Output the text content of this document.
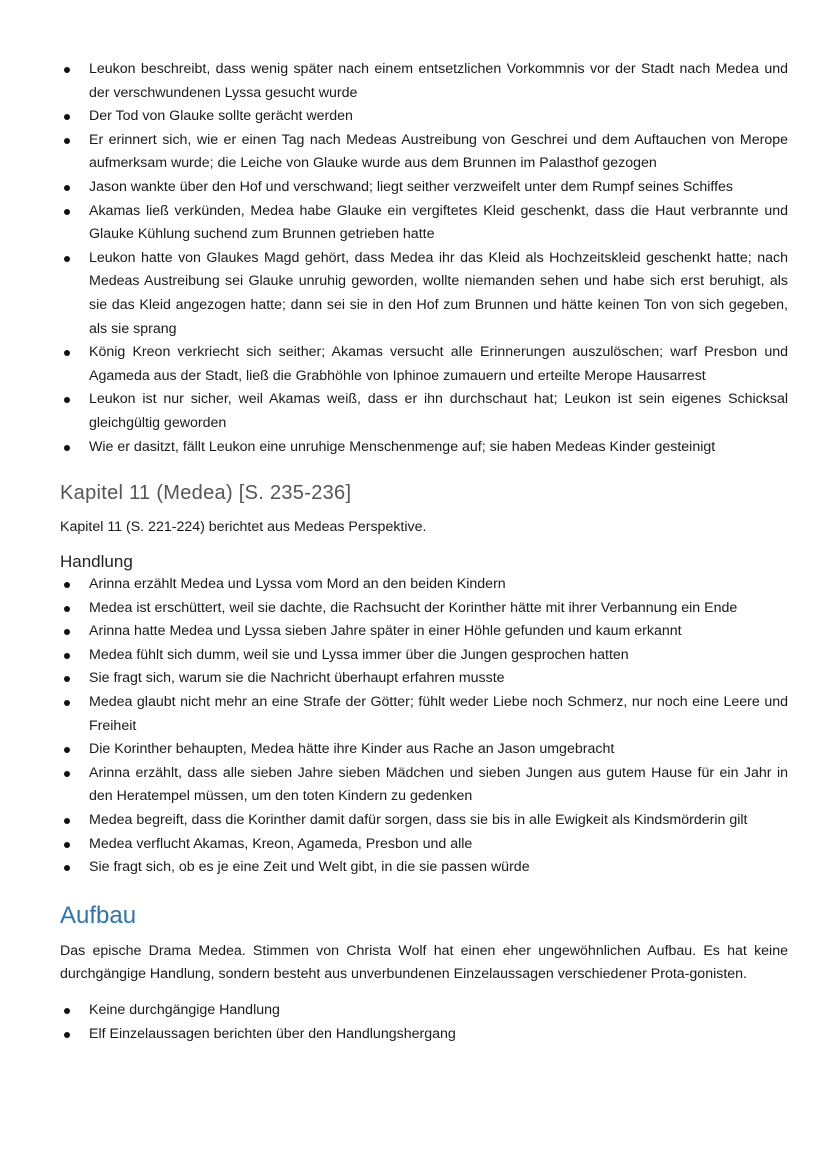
Leukon beschreibt, dass wenig später nach einem entsetzlichen Vorkommnis vor der Stadt nach Medea und der verschwundenen Lyssa gesucht wurde
Der Tod von Glauke sollte gerächt werden
Er erinnert sich, wie er einen Tag nach Medeas Austreibung von Geschrei und dem Auftauchen von Merope aufmerksam wurde; die Leiche von Glauke wurde aus dem Brunnen im Palasthof gezogen
Jason wankte über den Hof und verschwand; liegt seither verzweifelt unter dem Rumpf seines Schiffes
Akamas ließ verkünden, Medea habe Glauke ein vergiftetes Kleid geschenkt, dass die Haut verbrannte und Glauke Kühlung suchend zum Brunnen getrieben hatte
Leukon hatte von Glaukes Magd gehört, dass Medea ihr das Kleid als Hochzeitskleid geschenkt hatte; nach Medeas Austreibung sei Glauke unruhig geworden, wollte niemanden sehen und habe sich erst beruhigt, als sie das Kleid angezogen hatte; dann sei sie in den Hof zum Brunnen und hätte keinen Ton von sich gegeben, als sie sprang
König Kreon verkriecht sich seither; Akamas versucht alle Erinnerungen auszulöschen; warf Presbon und Agameda aus der Stadt, ließ die Grabhöhle von Iphinoe zumauern und erteilte Merope Hausarrest
Leukon ist nur sicher, weil Akamas weiß, dass er ihn durchschaut hat; Leukon ist sein eigenes Schicksal gleichgültig geworden
Wie er dasitzt, fällt Leukon eine unruhige Menschenmenge auf; sie haben Medeas Kinder gesteinigt
Kapitel 11 (Medea) [S. 235-236]

Kapitel 11 (S. 221-224) berichtet aus Medeas Perspektive.

Handlung
Arinna erzählt Medea und Lyssa vom Mord an den beiden Kindern
Medea ist erschüttert, weil sie dachte, die Rachsucht der Korinther hätte mit ihrer Verbannung ein Ende
Arinna hatte Medea und Lyssa sieben Jahre später in einer Höhle gefunden und kaum erkannt
Medea fühlt sich dumm, weil sie und Lyssa immer über die Jungen gesprochen hatten
Sie fragt sich, warum sie die Nachricht überhaupt erfahren musste
Medea glaubt nicht mehr an eine Strafe der Götter; fühlt weder Liebe noch Schmerz, nur noch eine Leere und Freiheit
Die Korinther behaupten, Medea hätte ihre Kinder aus Rache an Jason umgebracht
Arinna erzählt, dass alle sieben Jahre sieben Mädchen und sieben Jungen aus gutem Hause für ein Jahr in den Heratempel müssen, um den toten Kindern zu gedenken
Medea begreift, dass die Korinther damit dafür sorgen, dass sie bis in alle Ewigkeit als Kindsmörderin gilt
Medea verflucht Akamas, Kreon, Agameda, Presbon und alle
Sie fragt sich, ob es je eine Zeit und Welt gibt, in die sie passen würde
Aufbau

Das epische Drama Medea. Stimmen von Christa Wolf hat einen eher ungewöhnlichen Aufbau. Es hat keine durchgängige Handlung, sondern besteht aus unverbundenen Einzelaussagen verschiedener Prota-gonisten.

Keine durchgängige Handlung
Elf Einzelaussagen berichten über den Handlungshergang
